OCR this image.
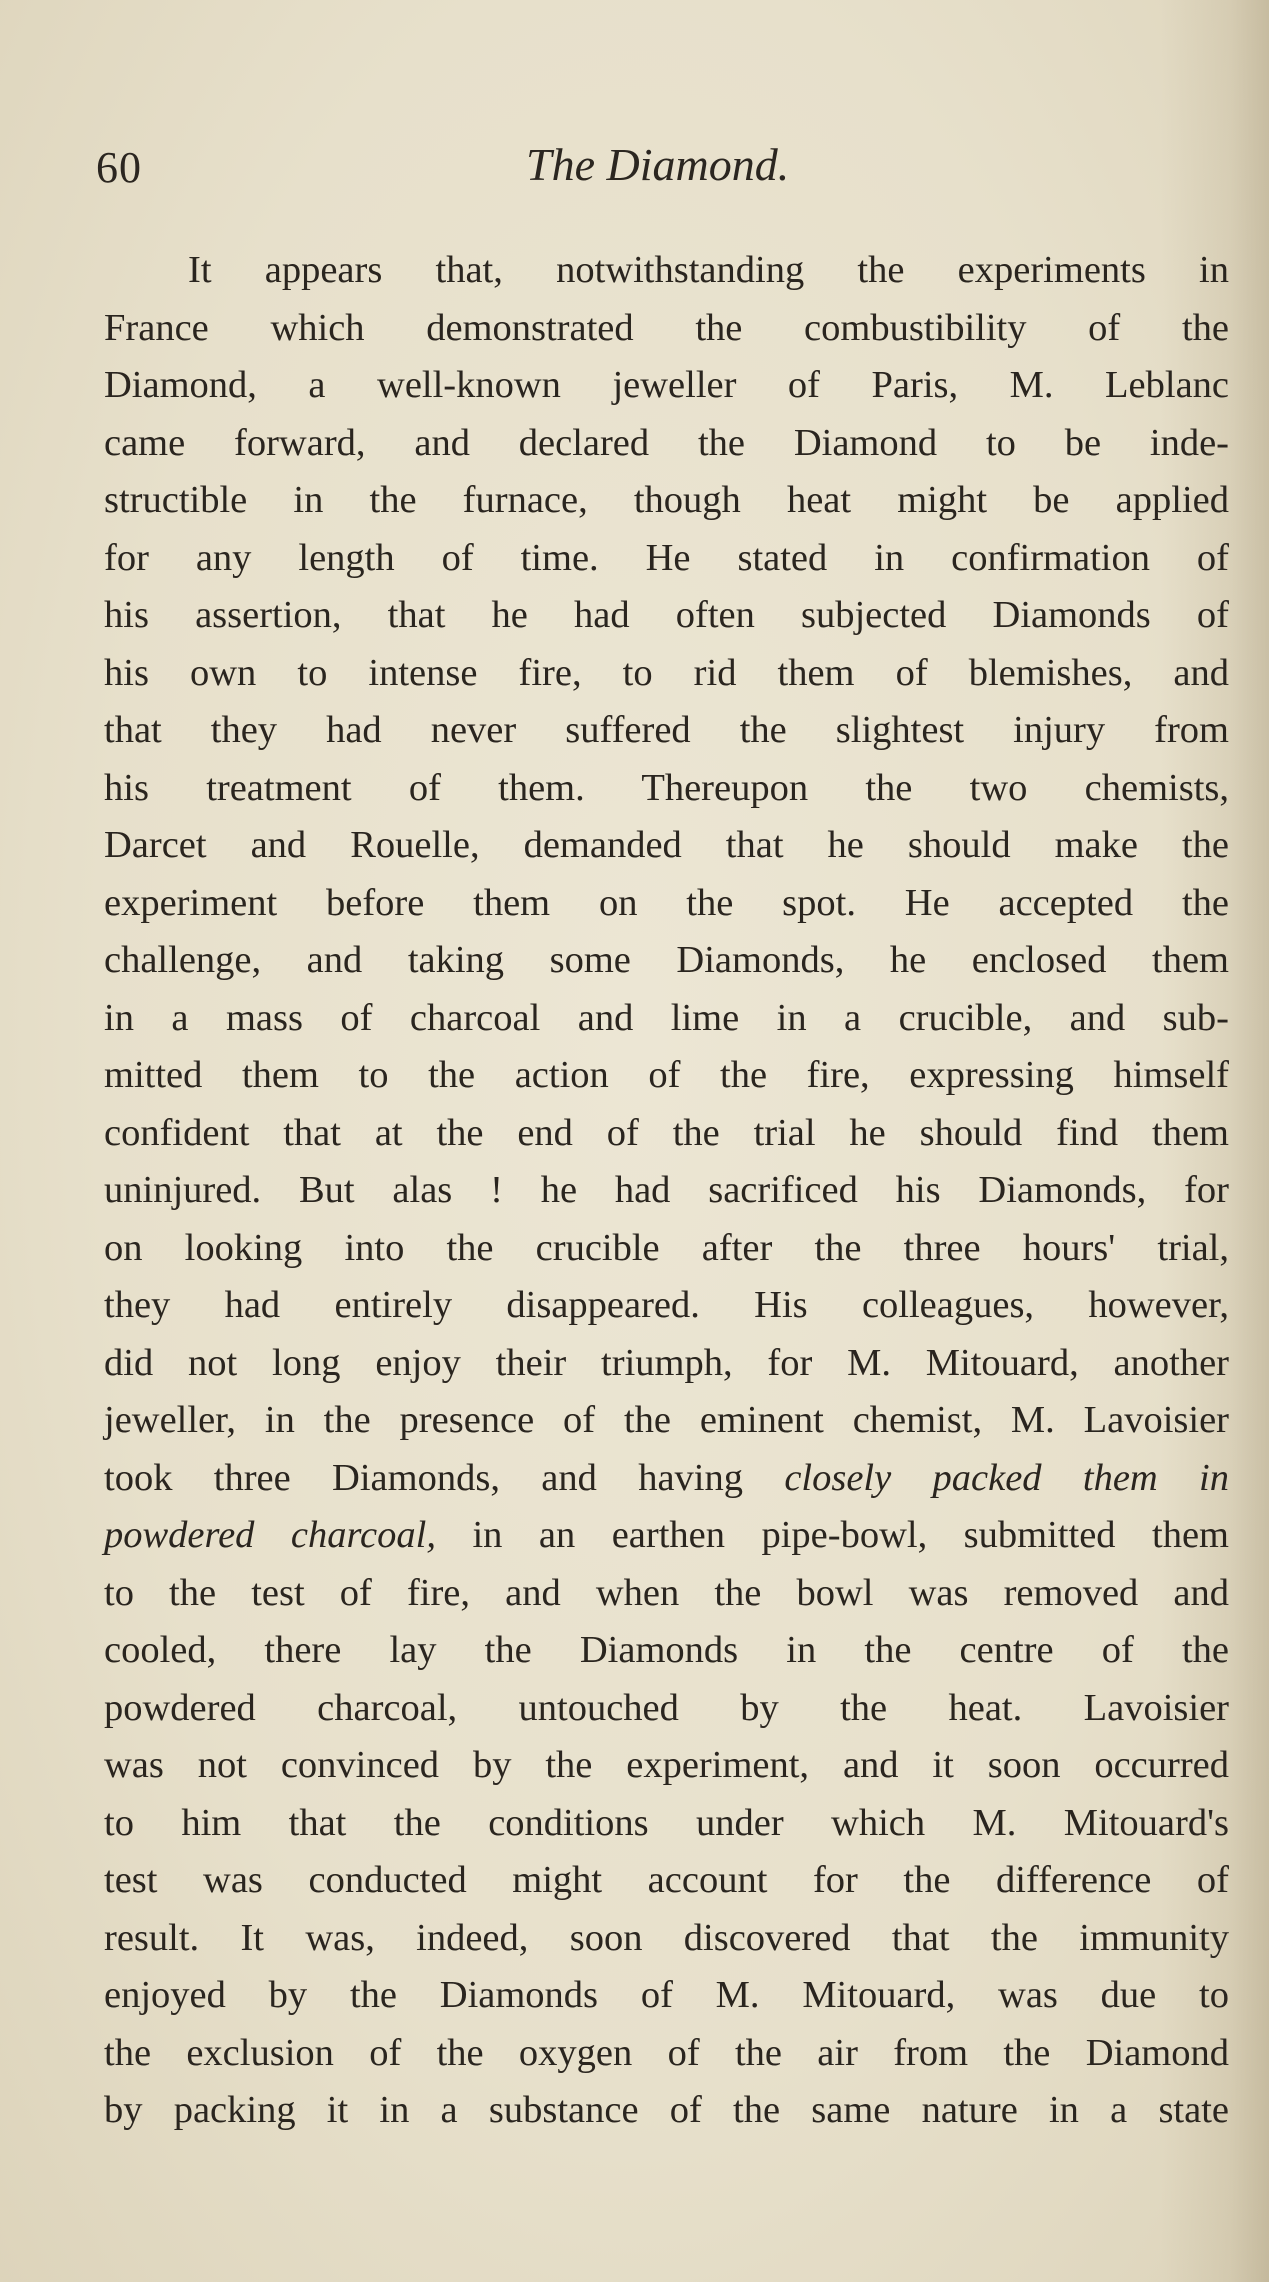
60	The Diamond.
It appears that, notwithstanding the experiments in
France which demonstrated the combustibility of the
Diamond, a well-known jeweller of Paris, M. Leblanc
came forward, and declared the Diamond to be inde-
structible in the furnace, though heat might be applied
for any length of time. He stated in confirmation of
his assertion, that he had often subjected Diamonds of
his own to intense fire, to rid them of blemishes, and
that they had never suffered the slightest injury from
his treatment of them. Thereupon the two chemists,
Darcet and Rouelle, demanded that he should make the
experiment before them on the spot. He accepted the
challenge, and taking some Diamonds, he enclosed them
in a mass of charcoal and lime in a crucible, and sub-
mitted them to the action of the fire, expressing himself
confident that at the end of the trial he should find them
uninjured. But alas ! he had sacrificed his Diamonds, for
on looking into the crucible after the three hours' trial,
they had entirely disappeared. His colleagues, however,
did not long enjoy their triumph, for M. Mitouard, another
jeweller, in the presence of the eminent chemist, M. Lavoisier
took three Diamonds, and having closely packed them in
powdered charcoal, in an earthen pipe-bowl, submitted them
to the test of fire, and when the bowl was removed and
cooled, there lay the Diamonds in the centre of the
powdered charcoal, untouched by the heat. Lavoisier
was not convinced by the experiment, and it soon occurred
to him that the conditions under which M. Mitouard's
test was conducted might account for the difference of
result. It was, indeed, soon discovered that the immunity
enjoyed by the Diamonds of M. Mitouard, was due to
the exclusion of the oxygen of the air from the Diamond
by packing it in a substance of the same nature in a state
